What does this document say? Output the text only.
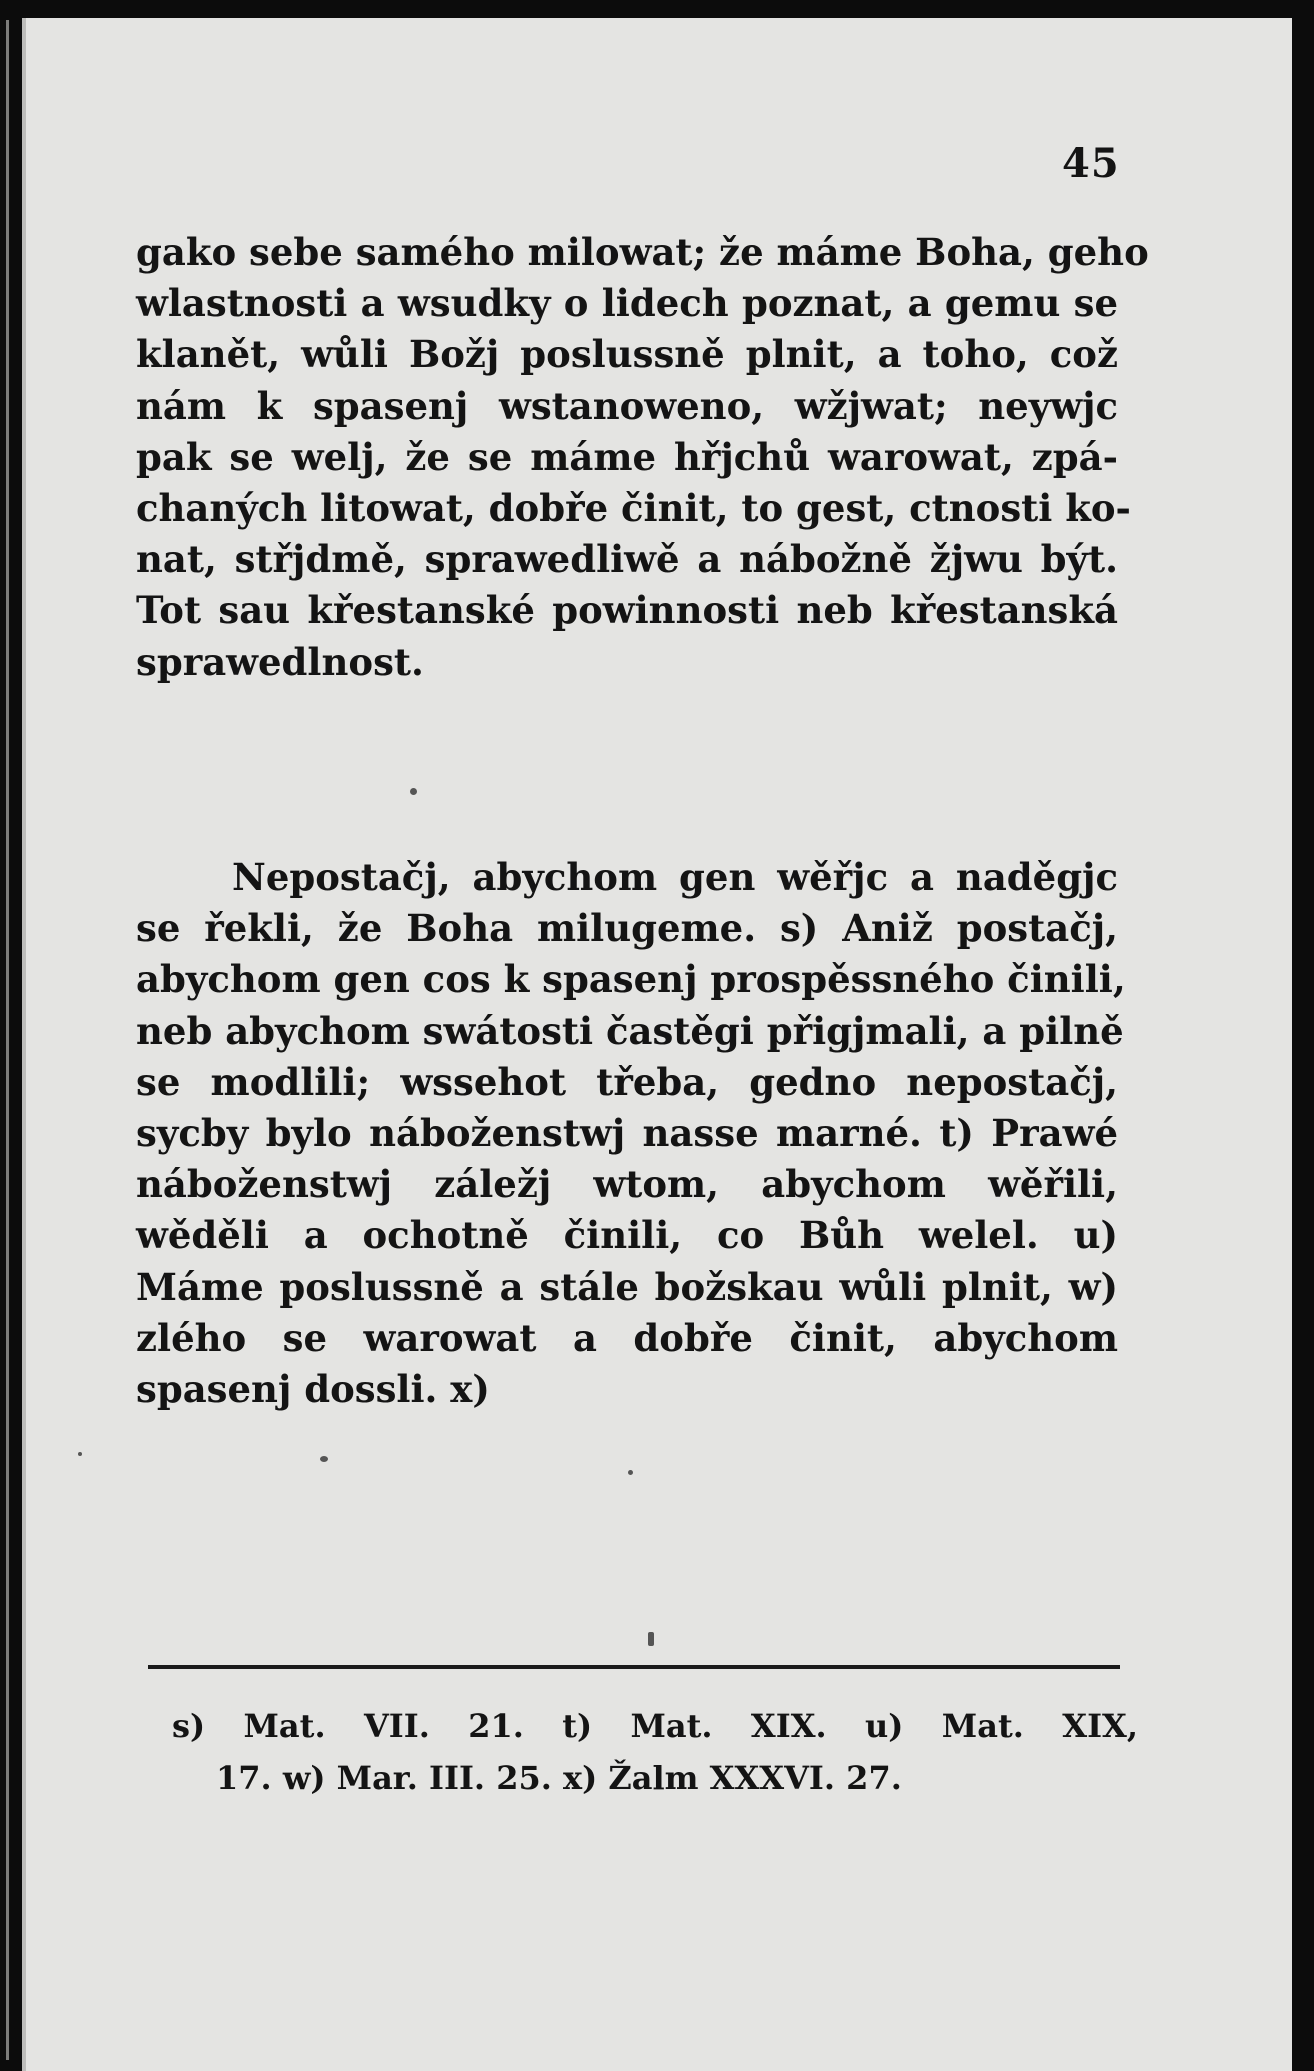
45
gako sebe samého milowat; že máme Boha, geho
wlastnosti a wsudky o lidech poznat, a gemu se
klanět, wůli Božj poslussně plnit, a toho, což
nám k spasenj wstanoweno, wžjwat; neywjc
pak se welj, že se máme hřjchů warowat, zpá-
chaných litowat, dobře činit, to gest, ctnosti ko-
nat, střjdmě, sprawedliwě a nábožně žjwu být.
Tot sau křestanské powinnosti neb křestanská
sprawedlnost.
Nepostačj, abychom gen wěřjc a naděgjc
se řekli, že Boha milugeme. s) Aniž postačj,
abychom gen cos k spasenj prospěssného činili,
neb abychom swátosti častěgi přigjmali, a pilně
se modlili; wssehot třeba, gedno nepostačj,
sycby bylo náboženstwj nasse marné. t) Prawé
náboženstwj záležj wtom, abychom wěřili,
wěděli a ochotně činili, co Bůh welel. u)
Máme poslussně a stále božskau wůli plnit, w)
zlého se warowat a dobře činit, abychom
spasenj dossli. x)
s) Mat. VII. 21. t) Mat. XIX. u) Mat. XIX,
17. w) Mar. III. 25. x) Žalm XXXVI. 27.
